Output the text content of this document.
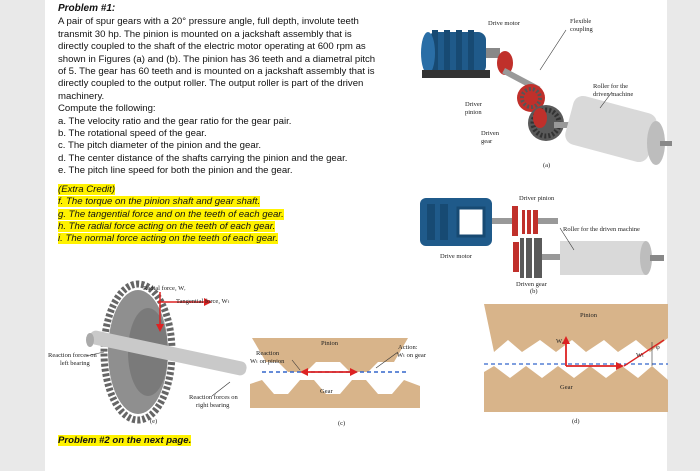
Problem #1:

A pair of spur gears with a 20° pressure angle, full depth, involute teeth

transmit 30 hp. The pinion is mounted on a jackshaft assembly that is

directly coupled to the shaft of the electric motor operating at 600 rpm as

shown in Figures (a) and (b). The pinion has 36 teeth and a diametral pitch

of 5. The gear has 60 teeth and is mounted on a jackshaft assembly that is

directly coupled to the output roller. The output roller is part of the driven

machinery.

Compute the following:

a. The velocity ratio and the gear ratio for the gear pair.

b. The rotational speed of the gear.

c. The pitch diameter of the pinion and the gear.

d. The center distance of the shafts carrying the pinion and the gear.

e. The pitch line speed for both the pinion and the gear.

(Extra Credit)

f. The torque on the pinion shaft and gear shaft.

g. The tangential force and on the teeth of each gear.

h. The radial force acting on the teeth of each gear.

i. The normal force acting on the teeth of each gear.

Problem #2 on the next page.
Drive motor	Flexible
coupling
Roller for the
driven machine
Driver
pinion
Driven
gear
(a)
Driver pinion
Roller for the driven machine
Drive motor
Driven gear
(b)
Radial force, Wᵣ
Tangential force, Wₜ
Reaction forces on
left bearing
Reaction forces on
right bearing
(e)
Reaction
Wₜ on pinion
Action:
Wₜ on gear
Pinion
Gear
(c)
Pinion
Gear
Wᵣ
Wₜ
φ
(d)
